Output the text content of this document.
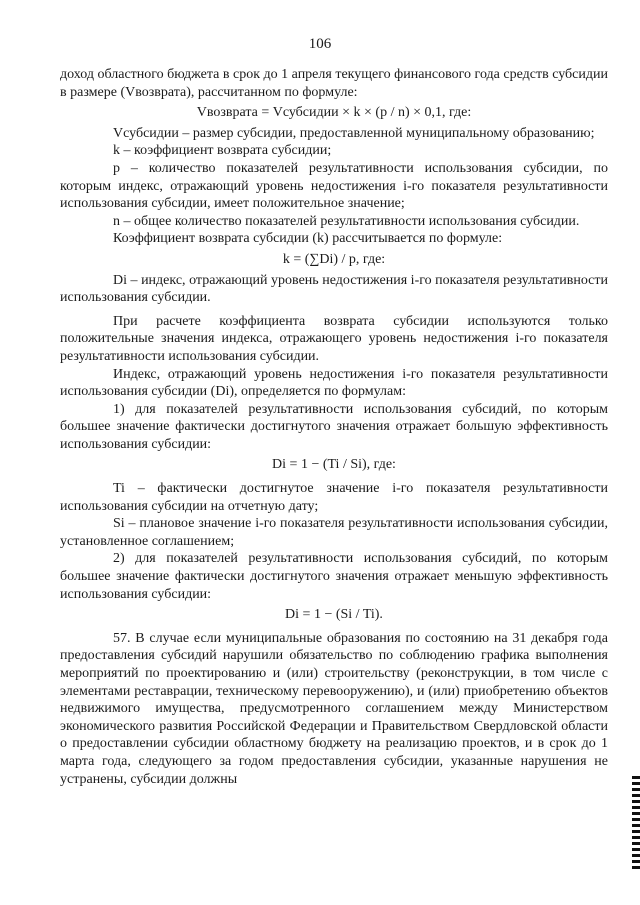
106

доход областного бюджета в срок до 1 апреля текущего финансового года средств субсидии в размере (Vвозврата), рассчитанном по формуле:

Vвозврата = Vсубсидии × k × (p / n) × 0,1, где:

Vсубсидии – размер субсидии, предоставленной муниципальному образованию;

k – коэффициент возврата субсидии;

p – количество показателей результативности использования субсидии, по которым индекс, отражающий уровень недостижения i-го показателя результативности использования субсидии, имеет положительное значение;

n – общее количество показателей результативности использования субсидии.

Коэффициент возврата субсидии (k) рассчитывается по формуле:

k = (∑Di) / p, где:

Di – индекс, отражающий уровень недостижения i-го показателя результативности использования субсидии.

При расчете коэффициента возврата субсидии используются только положительные значения индекса, отражающего уровень недостижения i-го показателя результативности использования субсидии.

Индекс, отражающий уровень недостижения i-го показателя результативности использования субсидии (Di), определяется по формулам:

1) для показателей результативности использования субсидий, по которым большее значение фактически достигнутого значения отражает большую эффективность использования субсидии:

Di = 1 − (Ti / Si), где:

Ti – фактически достигнутое значение i-го показателя результативности использования субсидии на отчетную дату;

Si – плановое значение i-го показателя результативности использования субсидии, установленное соглашением;

2) для показателей результативности использования субсидий, по которым большее значение фактически достигнутого значения отражает меньшую эффективность использования субсидии:

Di = 1 − (Si / Ti).

57. В случае если муниципальные образования по состоянию на 31 декабря года предоставления субсидий нарушили обязательство по соблюдению графика выполнения мероприятий по проектированию и (или) строительству (реконструкции, в том числе с элементами реставрации, техническому перевооружению), и (или) приобретению объектов недвижимого имущества, предусмотренного соглашением между Министерством экономического развития Российской Федерации и Правительством Свердловской области о предоставлении субсидии областному бюджету на реализацию проектов, и в срок до 1 марта года, следующего за годом предоставления субсидии, указанные нарушения не устранены, субсидии должны
